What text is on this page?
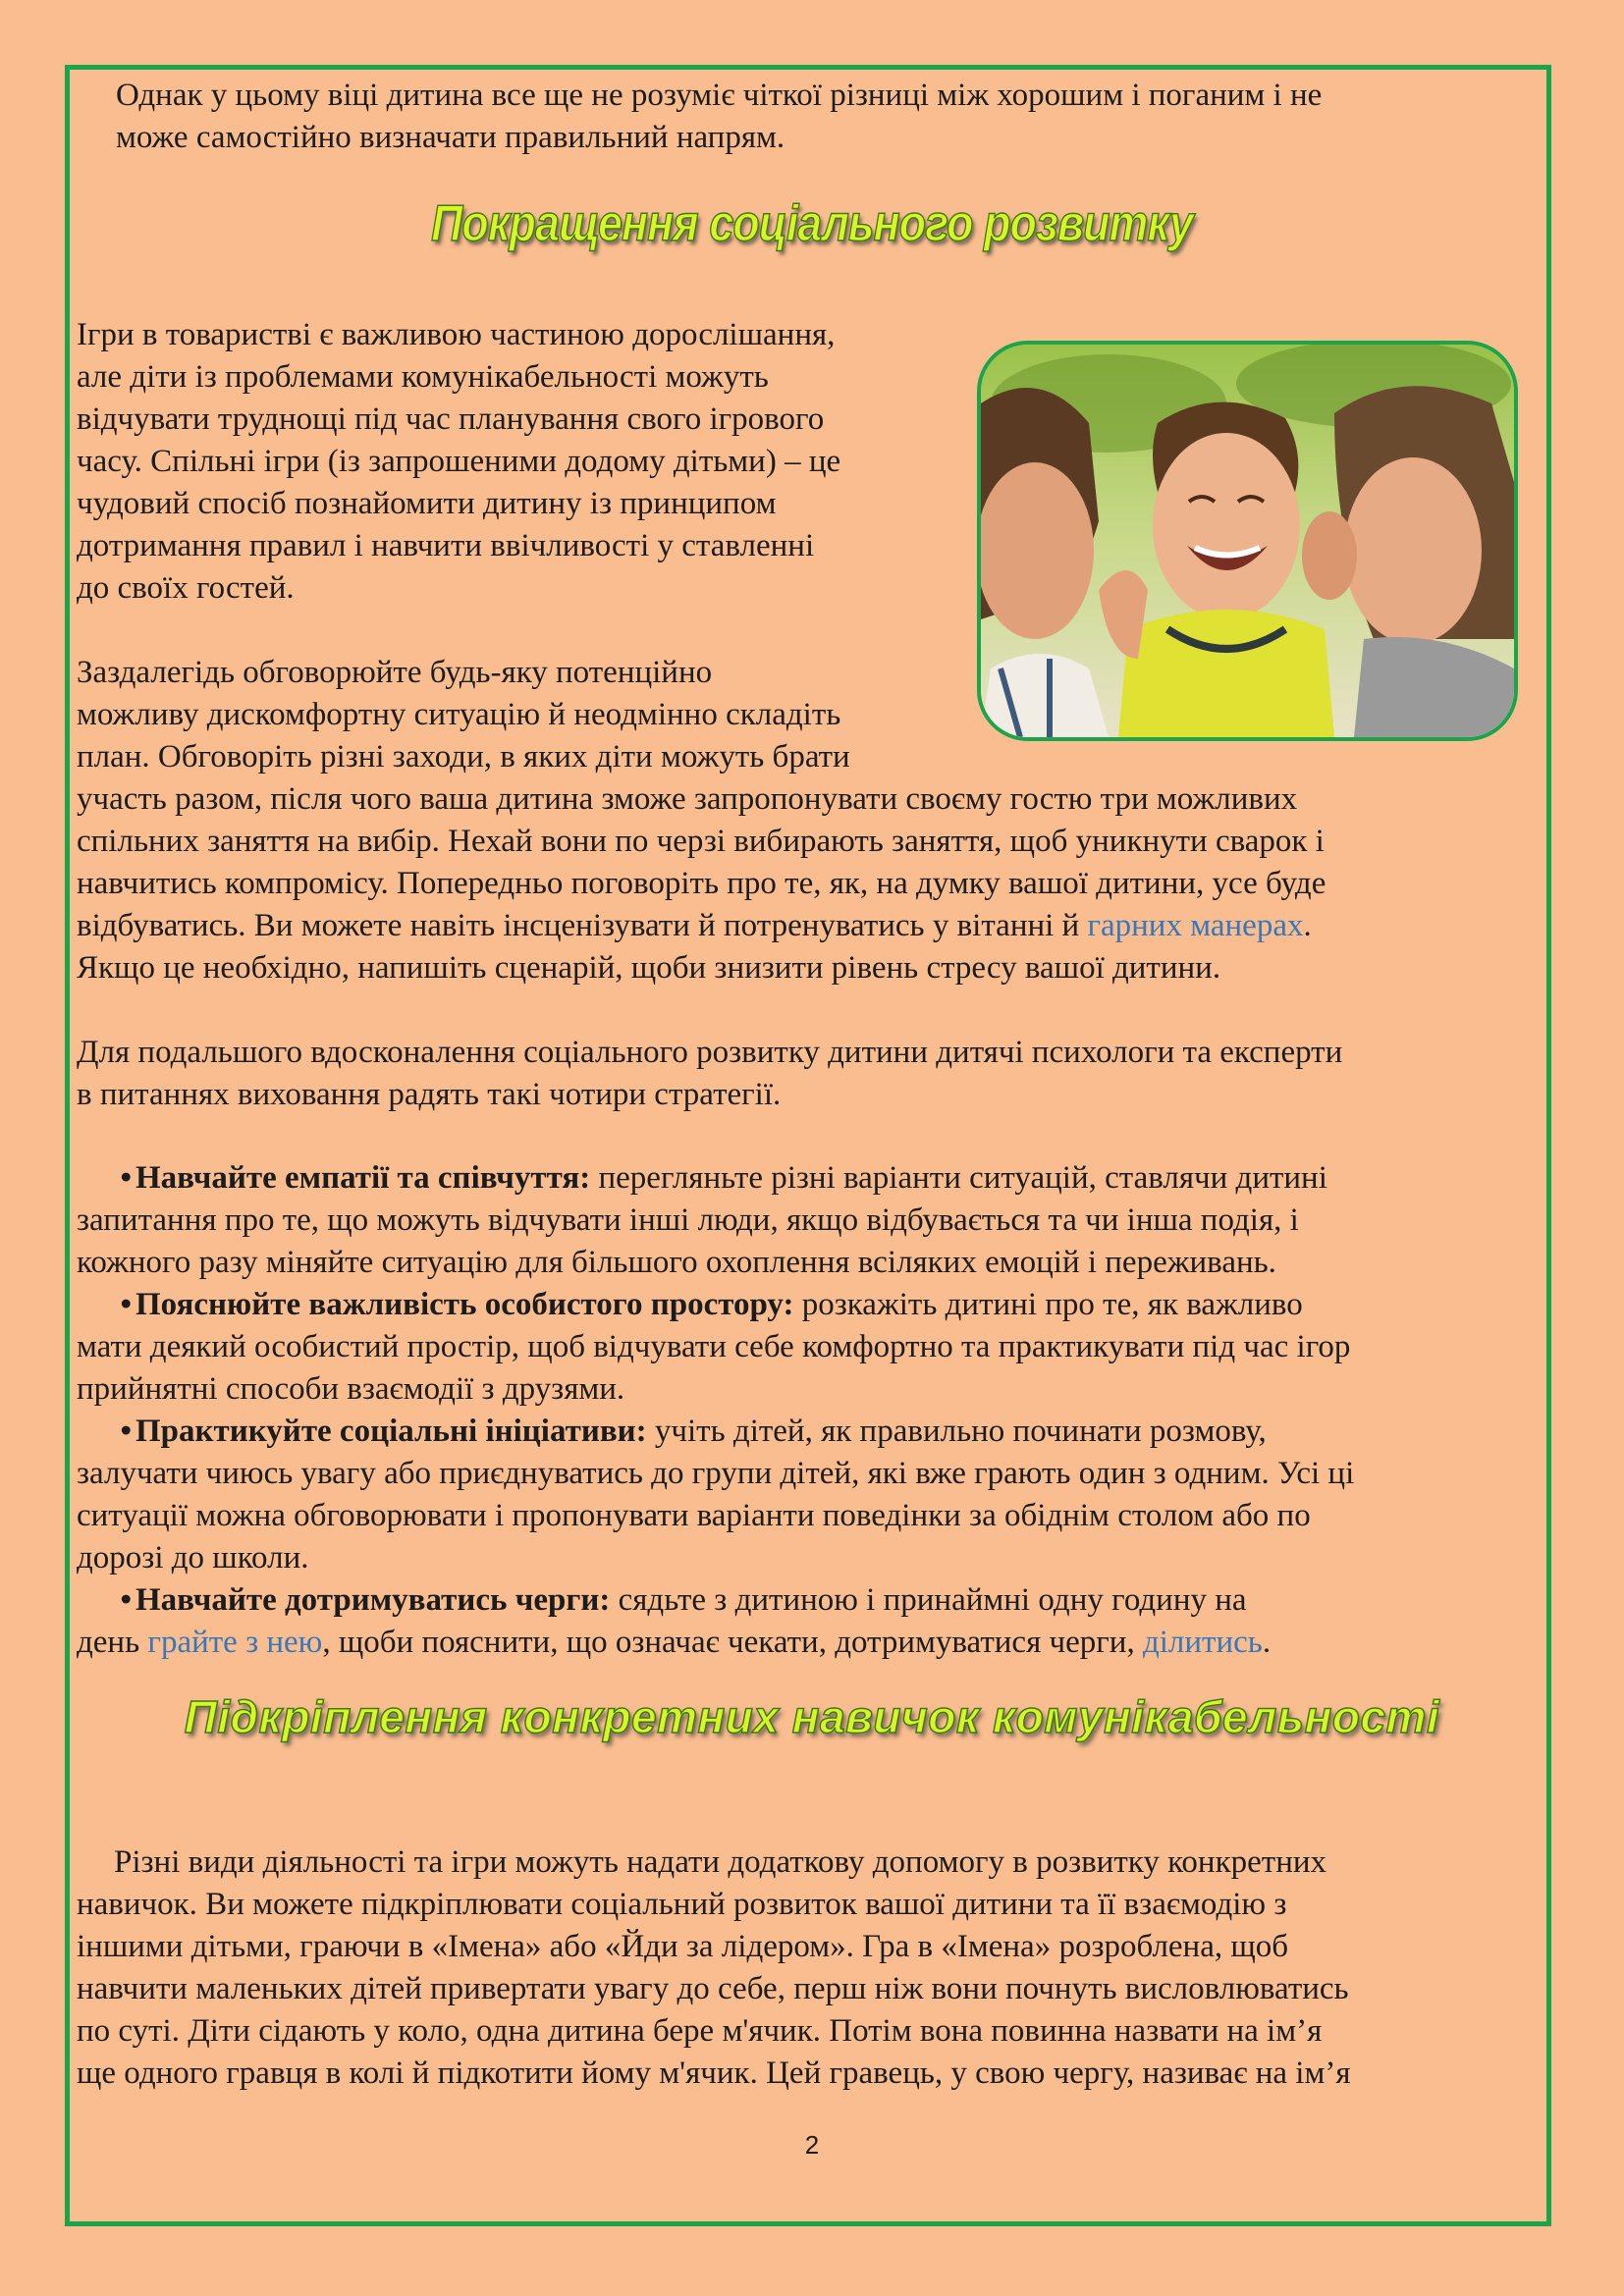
Однак у цьому віці дитина все ще не розуміє чіткої різниці між хорошим і поганим і не
може самостійно визначати правильний напрям.
Покращення соціального розвитку
Ігри в товаристві є важливою частиною дорослішання,
але діти із проблемами комунікабельності можуть
відчувати труднощі під час планування свого ігрового
часу. Спільні ігри (із запрошеними додому дітьми) – це
чудовий спосіб познайомити дитину із принципом
дотримання правил і навчити ввічливості у ставленні
до своїх гостей.
Заздалегідь обговорюйте будь-яку потенційно
можливу дискомфортну ситуацію й неодмінно складіть
план. Обговоріть різні заходи, в яких діти можуть брати
участь разом, після чого ваша дитина зможе запропонувати своєму гостю три можливих
спільних заняття на вибір. Нехай вони по черзі вибирають заняття, щоб уникнути сварок і
навчитись компромісу. Попередньо поговоріть про те, як, на думку вашої дитини, усе буде
відбуватись. Ви можете навіть інсценізувати й потренуватись у вітанні й гарних манерах.
Якщо це необхідно, напишіть сценарій, щоби знизити рівень стресу вашої дитини.
Для подальшого вдосконалення соціального розвитку дитини дитячі психологи та експерти
в питаннях виховання радять такі чотири стратегії.
• Навчайте емпатії та співчуття: перегляньте різні варіанти ситуацій, ставлячи дитині
запитання про те, що можуть відчувати інші люди, якщо відбувається та чи інша подія, і
кожного разу міняйте ситуацію для більшого охоплення всіляких емоцій і переживань.
• Пояснюйте важливість особистого простору: розкажіть дитині про те, як важливо
мати деякий особистий простір, щоб відчувати себе комфортно та практикувати під час ігор
прийнятні способи взаємодії з друзями.
• Практикуйте соціальні ініціативи: учіть дітей, як правильно починати розмову,
залучати чиюсь увагу або приєднуватись до групи дітей, які вже грають один з одним. Усі ці
ситуації можна обговорювати і пропонувати варіанти поведінки за обіднім столом або по
дорозі до школи.
• Навчайте дотримуватись черги: сядьте з дитиною і принаймні одну годину на
день грайте з нею, щоби пояснити, що означає чекати, дотримуватися черги, ділитись.
Підкріплення конкретних навичок комунікабельності
Різні види діяльності та ігри можуть надати додаткову допомогу в розвитку конкретних
навичок. Ви можете підкріплювати соціальний розвиток вашої дитини та її взаємодію з
іншими дітьми, граючи в «Імена» або «Йди за лідером». Гра в «Імена» розроблена, щоб
навчити маленьких дітей привертати увагу до себе, перш ніж вони почнуть висловлюватись
по суті. Діти сідають у коло, одна дитина бере м'ячик. Потім вона повинна назвати на ім’я
ще одного гравця в колі й підкотити йому м'ячик. Цей гравець, у свою чергу, називає на ім’я
2
